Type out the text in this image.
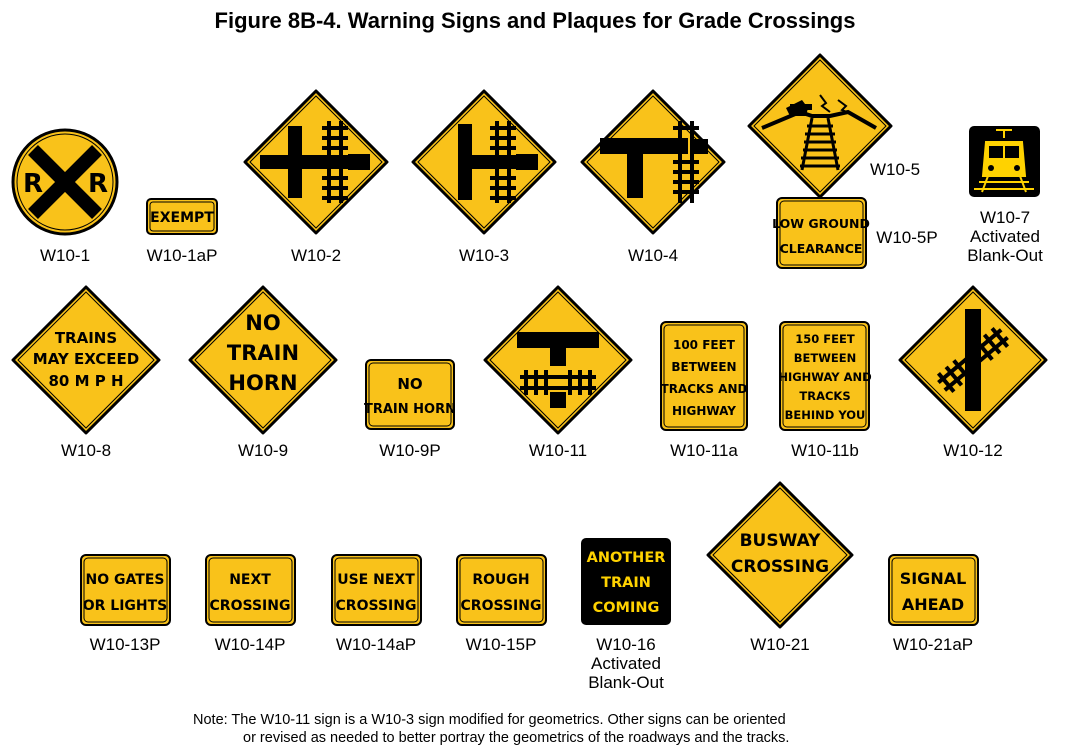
Figure 8B-4. Warning Signs and Plaques for Grade Crossings
R R
EXEMPT	LOW GROUND
CLEARANCE
TRAINS
MAY EXCEED
80 M P H
NO
TRAIN
HORN	NO
TRAIN HORN
100 FEET
BETWEEN
TRACKS AND
HIGHWAY
150 FEET
BETWEEN
HIGHWAY AND
TRACKS
BEHIND YOU
NO GATES
OR LIGHTS
NEXT
CROSSING
USE NEXT
CROSSING
ROUGH
CROSSING
ANOTHER
TRAIN
COMING
BUSWAY
CROSSING
SIGNAL
AHEAD
W10-1	W10-1aP	W10-2	W10-3	W10-4
W10-5
W10-5P
W10-7
Activated
Blank-Out
W10-8	W10-9	W10-9P	W10-11	W10-11a	W10-11b	W10-12
W10-13P	W10-14P	W10-14aP	W10-15P	W10-16
Activated
Blank-Out
W10-21	W10-21aP
Note: The W10-11 sign is a W10-3 sign modified for geometrics. Other signs can be oriented
or revised as needed to better portray the geometrics of the roadways and the tracks.
